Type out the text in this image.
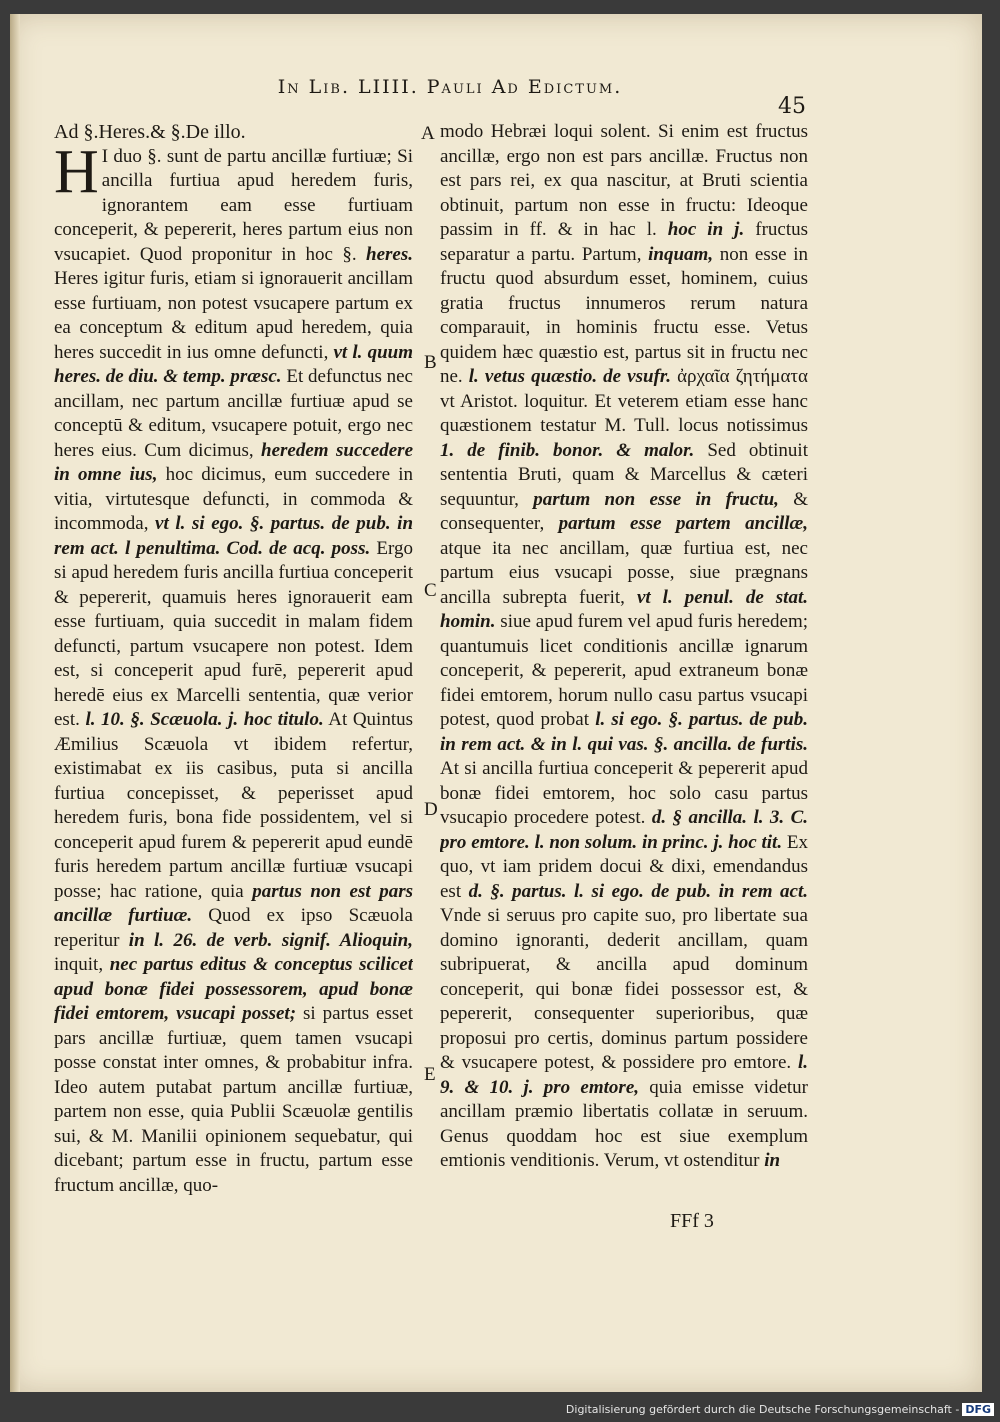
In Lib. LIIII. Pauli Ad Edictum.
45

Ad §.Heres.& §.De illo.

H I duo §. sunt de partu ancillæ furtiuæ; Si ancilla furtiua apud heredem furis, ignorantem eam esse furtiuam conceperit, & pepererit, heres partum eius non vsucapiet. Quod proponitur in hoc §. heres. Heres igitur furis, etiam si ignorauerit ancillam esse furtiuam, non potest vsucapere partum ex ea conceptum & editum apud heredem, quia heres succedit in ius omne defuncti, vt l. quum heres. de diu. & temp. præsc. Et defunctus nec ancillam, nec partum ancillæ furtiuæ apud se conceptū & editum, vsucapere potuit, ergo nec heres eius. Cum dicimus, heredem succedere in omne ius, hoc dicimus, eum succedere in vitia, virtutesque defuncti, in commoda & incommoda, vt l. si ego. §. partus. de pub. in rem act. l penultima. Cod. de acq. poss. Ergo si apud heredem furis ancilla furtiua conceperit & pepererit, quamuis heres ignorauerit eam esse furtiuam, quia succedit in malam fidem defuncti, partum vsucapere non potest. Idem est, si conceperit apud furē, pepererit apud heredē eius ex Marcelli sententia, quæ verior est. l. 10. §. Scæuola. j. hoc titulo. At Quintus Æmilius Scæuola vt ibidem refertur, existimabat ex iis casibus, puta si ancilla furtiua concepisset, & peperisset apud heredem furis, bona fide possidentem, vel si conceperit apud furem & pepererit apud eundē furis heredem partum ancillæ furtiuæ vsucapi posse; hac ratione, quia partus non est pars ancillæ furtiuæ. Quod ex ipso Scæuola reperitur in l. 26. de verb. signif. Alioquin, inquit, nec partus editus & conceptus scilicet apud bonæ fidei possessorem, apud bonæ fidei emtorem, vsucapi posset; si partus esset pars ancillæ furtiuæ, quem tamen vsucapi posse constat inter omnes, & probabitur infra. Ideo autem putabat partum ancillæ furtiuæ, partem non esse, quia Publii Scæuolæ gentilis sui, & M. Manilii opinionem sequebatur, qui dicebant; partum esse in fructu, partum esse fructum ancillæ, quo-

A
B
C
D
E

modo Hebræi loqui solent. Si enim est fructus ancillæ, ergo non est pars ancillæ. Fructus non est pars rei, ex qua nascitur, at Bruti scientia obtinuit, partum non esse in fructu: Ideoque passim in ff. & in hac l. hoc in j. fructus separatur a partu. Partum, inquam, non esse in fructu quod absurdum esset, hominem, cuius gratia fructus innumeros rerum natura comparauit, in hominis fructu esse. Vetus quidem hæc quæstio est, partus sit in fructu nec ne. l. vetus quæstio. de vsufr. ἀρχαῖα ζητήματα vt Aristot. loquitur. Et veterem etiam esse hanc quæstionem testatur M. Tull. locus notissimus 1. de finib. bonor. & malor. Sed obtinuit sententia Bruti, quam & Marcellus & cæteri sequuntur, partum non esse in fructu, & consequenter, partum esse partem ancillæ, atque ita nec ancillam, quæ furtiua est, nec partum eius vsucapi posse, siue prægnans ancilla subrepta fuerit, vt l. penul. de stat. homin. siue apud furem vel apud furis heredem; quantumuis licet conditionis ancillæ ignarum conceperit, & pepererit, apud extraneum bonæ fidei emtorem, horum nullo casu partus vsucapi potest, quod probat l. si ego. §. partus. de pub. in rem act. & in l. qui vas. §. ancilla. de furtis. At si ancilla furtiua conceperit & pepererit apud bonæ fidei emtorem, hoc solo casu partus vsucapio procedere potest. d. § ancilla. l. 3. C. pro emtore. l. non solum. in princ. j. hoc tit. Ex quo, vt iam pridem docui & dixi, emendandus est d. §. partus. l. si ego. de pub. in rem act. Vnde si seruus pro capite suo, pro libertate sua domino ignoranti, dederit ancillam, quam subripuerat, & ancilla apud dominum conceperit, qui bonæ fidei possessor est, & pepererit, consequenter superioribus, quæ proposui pro certis, dominus partum possidere & vsucapere potest, & possidere pro emtore. l. 9. & 10. j. pro emtore, quia emisse videtur ancillam præmio libertatis collatæ in seruum. Genus quoddam hoc est siue exemplum emtionis venditionis. Verum, vt ostenditur in

FFf 3
Digitalisierung gefördert durch die Deutsche Forschungsgemeinschaft - DFG
